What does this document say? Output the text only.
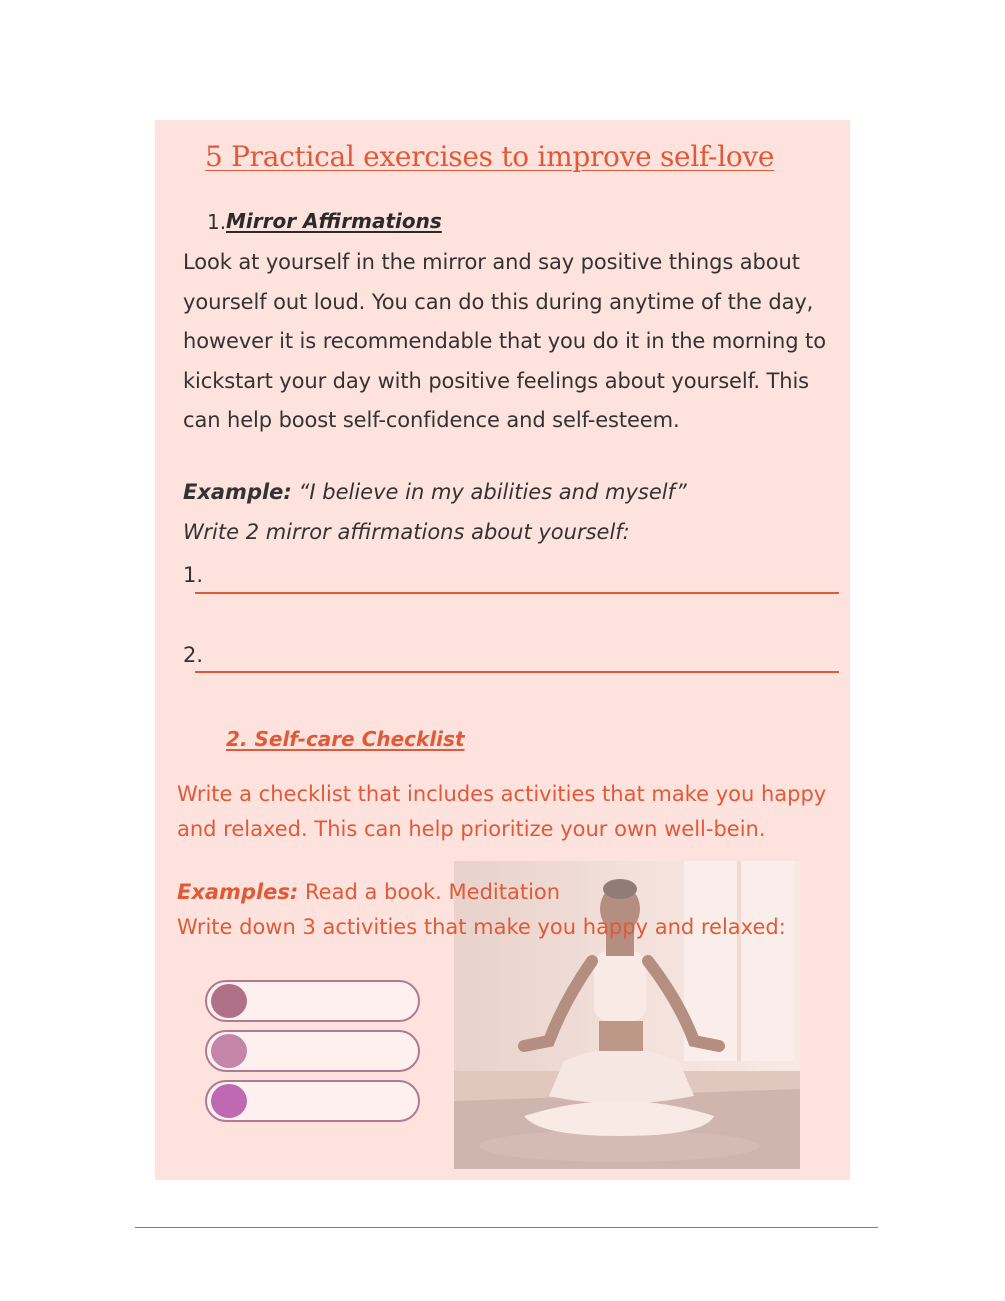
5 Practical exercises to improve self-love
1. Mirror Affirmations
Look at yourself in the mirror and say positive things about
yourself out loud. You can do this during anytime of the day,
however it is recommendable that you do it in the morning to
kickstart your day with positive feelings about yourself. This
can help boost self-confidence and self-esteem.
Example: “I believe in my abilities and myself”
Write 2 mirror affirmations about yourself:
1.
2.
2. Self-care Checklist
Write a checklist that includes activities that make you happy
and relaxed. This can help prioritize your own well-bein.
Examples: Read a book. Meditation
Write down 3 activities that make you happy and relaxed:
